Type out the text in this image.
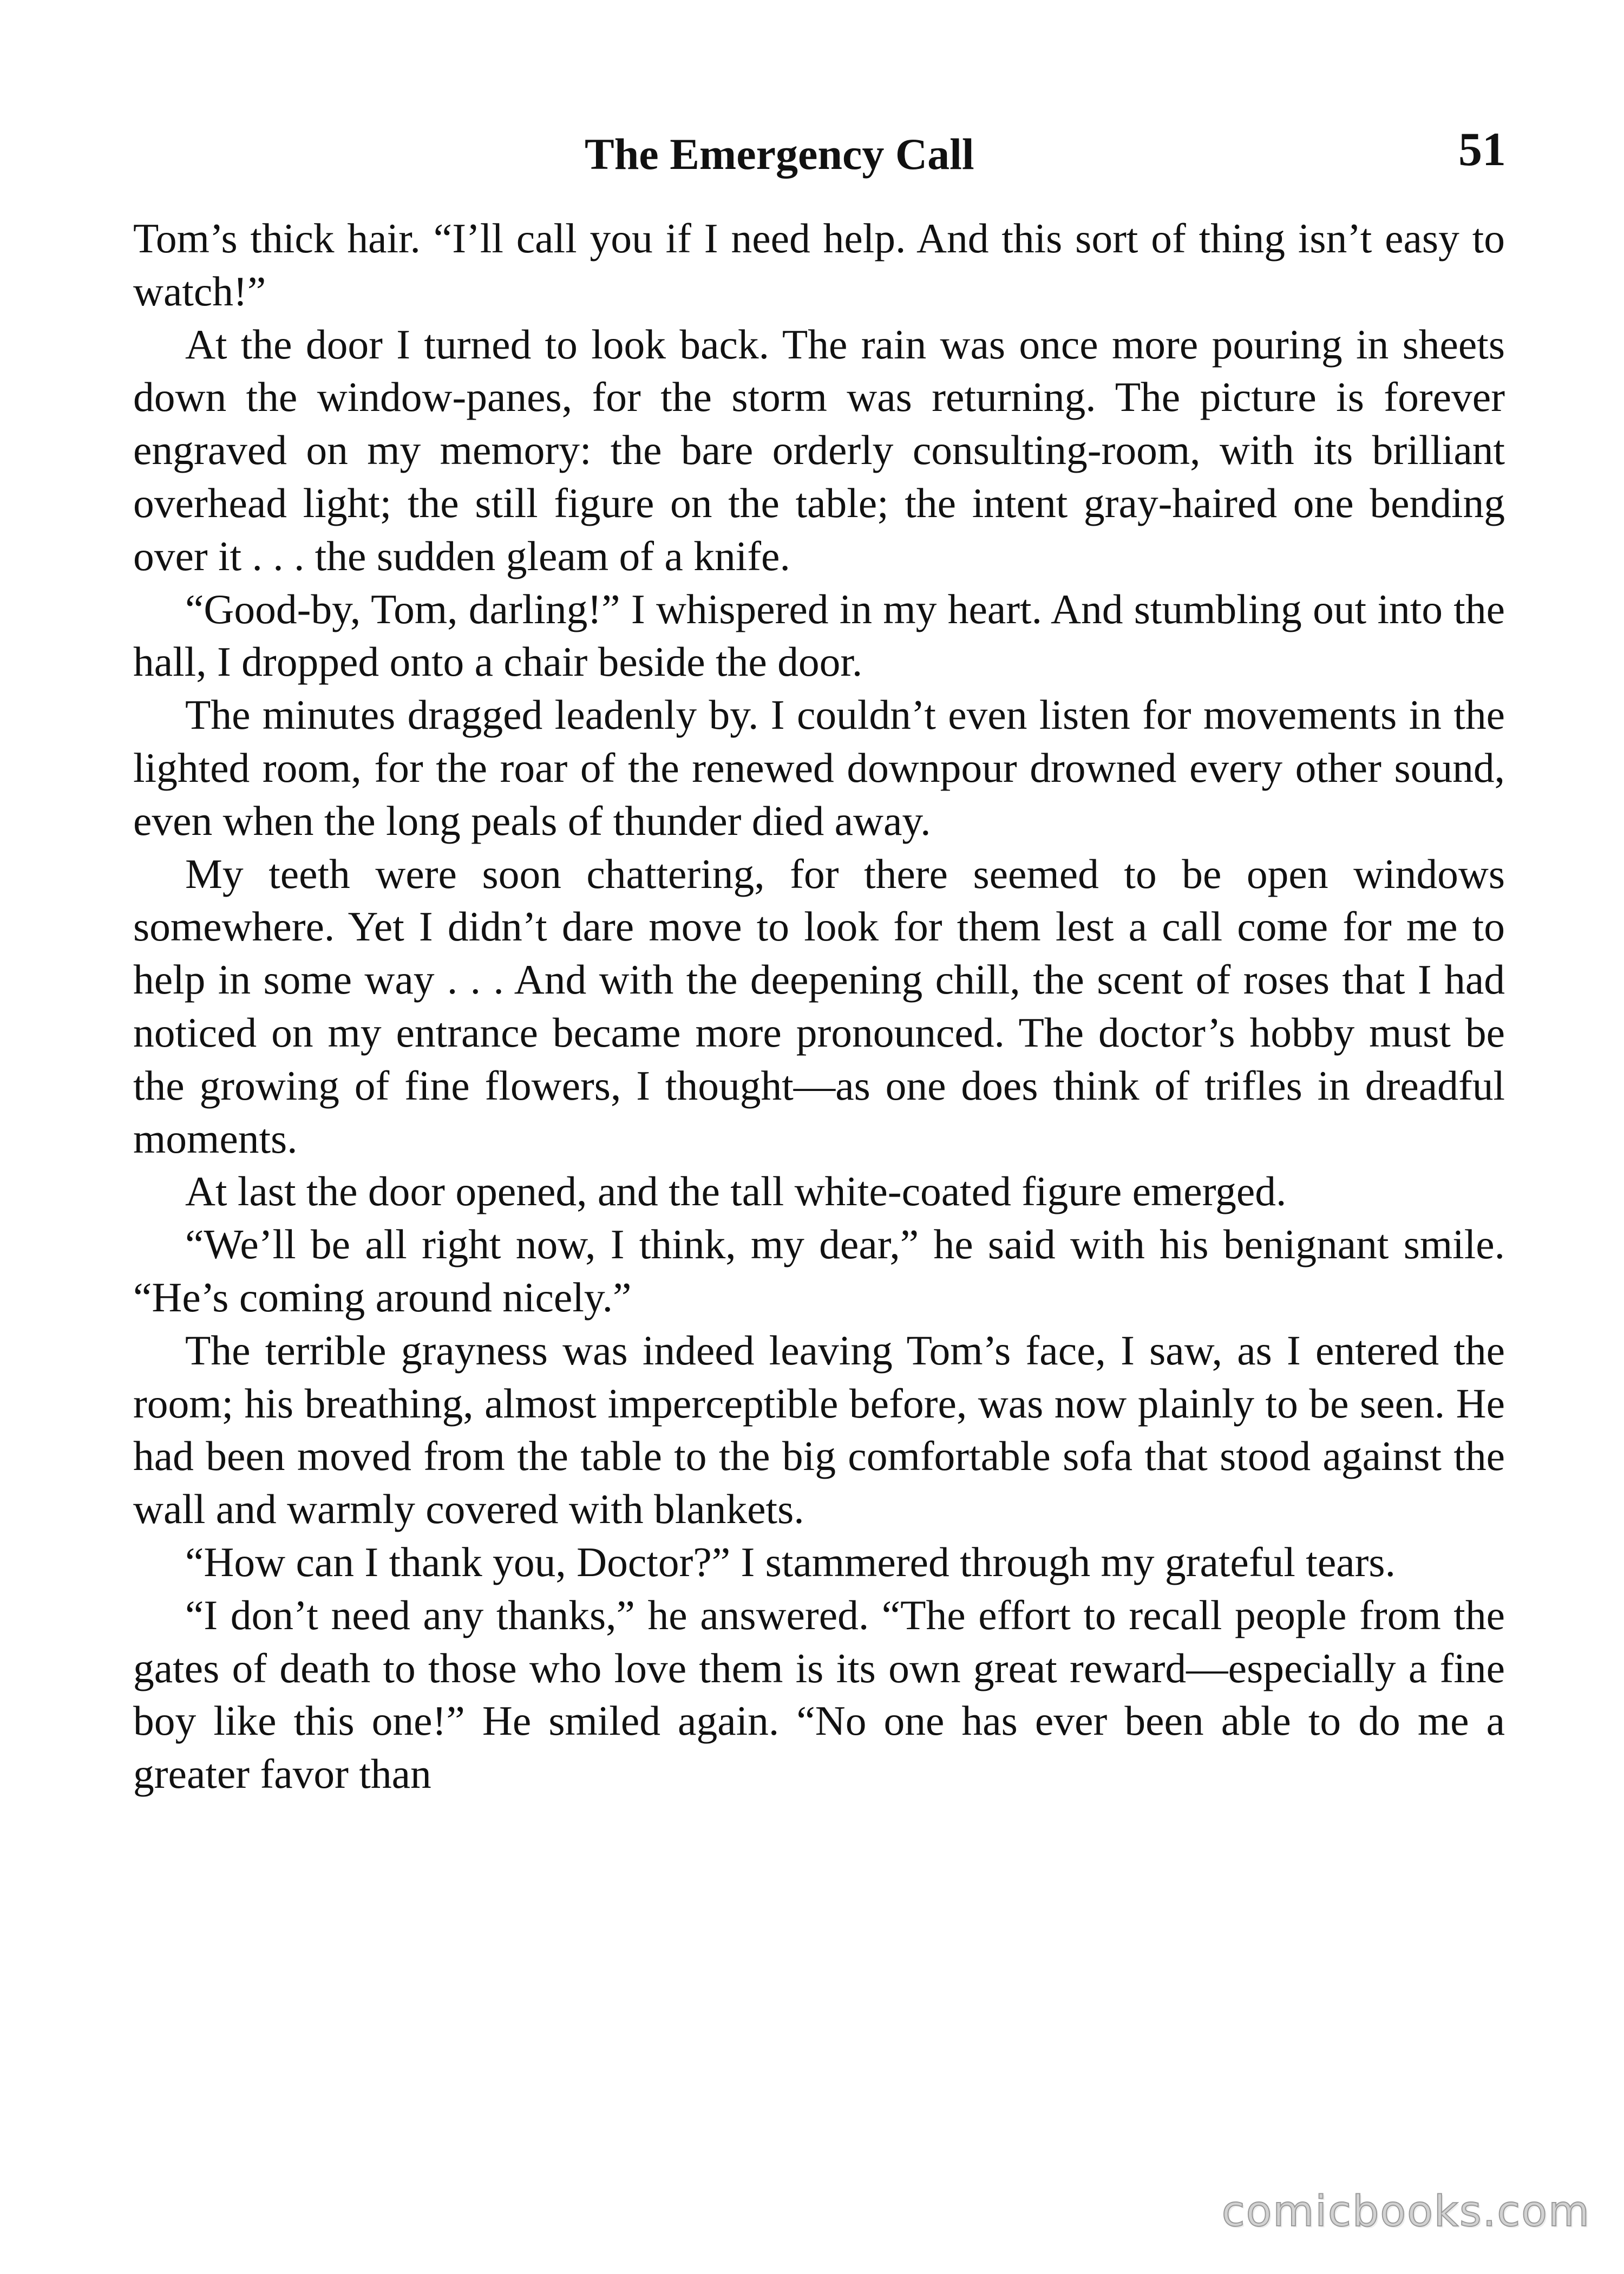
The Emergency Call	51

Tom’s thick hair. “I’ll call you if I need help. And this sort of thing isn’t easy to watch!”

At the door I turned to look back. The rain was once more pouring in sheets down the window-panes, for the storm was returning. The picture is forever engraved on my memory: the bare orderly consulting-room, with its brilliant overhead light; the still figure on the table; the intent gray-haired one bending over it . . . the sudden gleam of a knife.

“Good-by, Tom, darling!” I whispered in my heart. And stumbling out into the hall, I dropped onto a chair beside the door.

The minutes dragged leadenly by. I couldn’t even listen for movements in the lighted room, for the roar of the renewed downpour drowned every other sound, even when the long peals of thunder died away.

My teeth were soon chattering, for there seemed to be open windows somewhere. Yet I didn’t dare move to look for them lest a call come for me to help in some way . . . And with the deepening chill, the scent of roses that I had noticed on my entrance became more pronounced. The doctor’s hobby must be the growing of fine flowers, I thought—as one does think of trifles in dreadful moments.

At last the door opened, and the tall white-coated figure emerged.

“We’ll be all right now, I think, my dear,” he said with his benignant smile. “He’s coming around nicely.”

The terrible grayness was indeed leaving Tom’s face, I saw, as I entered the room; his breathing, almost imperceptible before, was now plainly to be seen. He had been moved from the table to the big comfortable sofa that stood against the wall and warmly covered with blankets.

“How can I thank you, Doctor?” I stammered through my grateful tears.

“I don’t need any thanks,” he answered. “The effort to recall people from the gates of death to those who love them is its own great reward—especially a fine boy like this one!” He smiled again. “No one has ever been able to do me a greater favor than

comicbooks.com
